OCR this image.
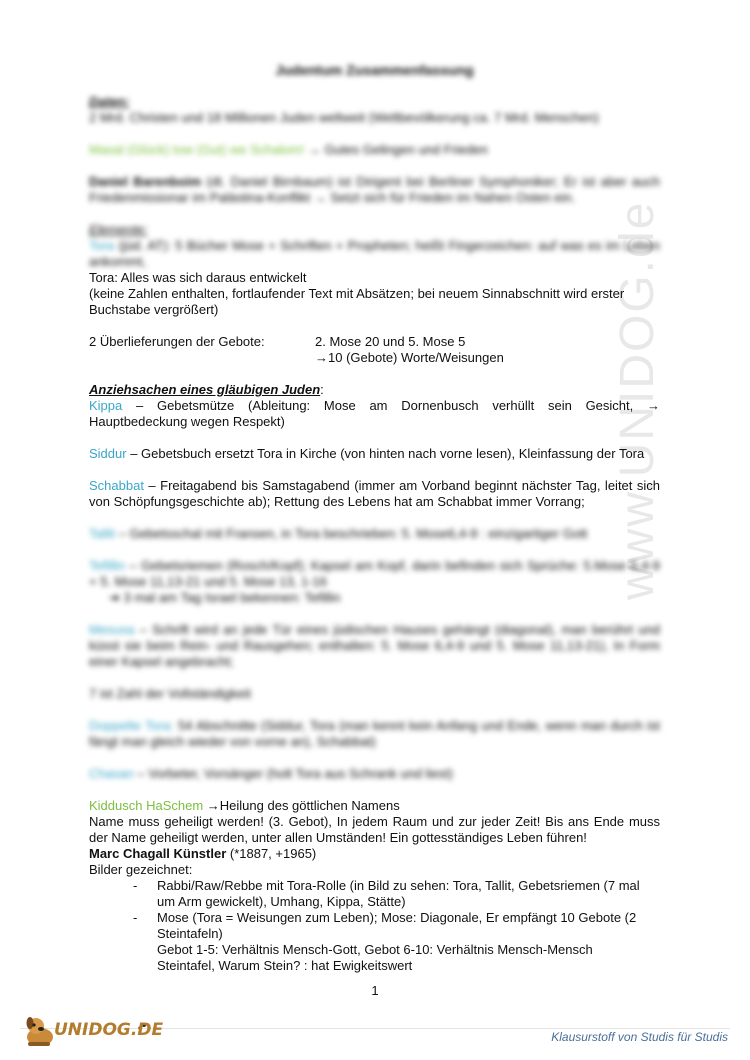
www.UNIDOG.de

Judentum Zusammenfassung

Daten:

2 Mrd. Christen und 18 Millionen Juden weltweit (Weltbevölkerung ca. 7 Mrd. Menschen)

Masal (Glück) tow (Gut) we Schalom! → Gutes Gelingen und Frieden

Daniel Barenboim (dt. Daniel Birnbaum) ist Dirigent bei Berliner Symphoniker; Er ist aber auch Friedenmissionar im Palästina-Konflikt → Setzt sich für Frieden im Nahen Osten ein.

Elemente:

Tora (jüd. AT): 5 Bücher Mose + Schriften + Propheten; heißt Fingerzeichen: auf was es im Leben ankommt,

Tora: Alles was sich daraus entwickelt

(keine Zahlen enthalten, fortlaufender Text mit Absätzen; bei neuem Sinnabschnitt wird erster Buchstabe vergrößert)

2 Überlieferungen der Gebote:	2. Mose 20 und 5. Mose 5

→10 (Gebote) Worte/Weisungen

Anziehsachen eines gläubigen Juden:

Kippa – Gebetsmütze (Ableitung: Mose am Dornenbusch verhüllt sein Gesicht, → Hauptbedeckung wegen Respekt)

Siddur – Gebetsbuch ersetzt Tora in Kirche (von hinten nach vorne lesen), Kleinfassung der Tora

Schabbat – Freitagabend bis Samstagabend (immer am Vorband beginnt nächster Tag, leitet sich von Schöpfungsgeschichte ab); Rettung des Lebens hat am Schabbat immer Vorrang;

Tallit – Gebetsschal mit Fransen, in Tora beschrieben: 5. Mose6,4-9 : einzigartiger Gott

Tefillin – Gebetsriemen (Rosch/Kopf); Kapsel am Kopf, darin befinden sich Sprüche: 5.Mose 6,4-9 + 5. Mose 11,13-21 und 5. Mose 13, 1-16

➔ 3 mal am Tag Israel bekennen: Tefillin

Mesusa – Schrift wird an jede Tür eines jüdischen Hauses gehängt (diagonal), man berührt und küsst sie beim Rein- und Rausgehen; enthalten: 5. Mose 6,4-9 und 5. Mose 11,13-21), In Form einer Kapsel angebracht;

7 ist Zahl der Vollständigkeit

Doppelte Tora: 54 Abschnitte (Siddur, Tora (man kennt kein Anfang und Ende, wenn man durch ist fängt man gleich wieder von vorne an), Schabbat)

Chasan – Vorbeter, Vorsänger (holt Tora aus Schrank und liest)

Kiddusch HaSchem →Heilung des göttlichen Namens

Name muss geheiligt werden! (3. Gebot), In jedem Raum und zur jeder Zeit! Bis ans Ende muss der Name geheiligt werden, unter allen Umständen! Ein gottesständiges Leben führen!

Marc Chagall Künstler (*1887, +1965)

Bilder gezeichnet:

- Rabbi/Raw/Rebbe mit Tora-Rolle (in Bild zu sehen: Tora, Tallit, Gebetsriemen (7 mal um Arm gewickelt), Umhang, Kippa, Stätte)
- Mose (Tora = Weisungen zum Leben); Mose: Diagonale, Er empfängt 10 Gebote (2 Steintafeln)

Gebot 1-5: Verhältnis Mensch-Gott, Gebot 6-10: Verhältnis Mensch-Mensch

Steintafel, Warum Stein? : hat Ewigkeitswert

1
UNIDOG.DE	Klausurstoff von Studis für Studis
